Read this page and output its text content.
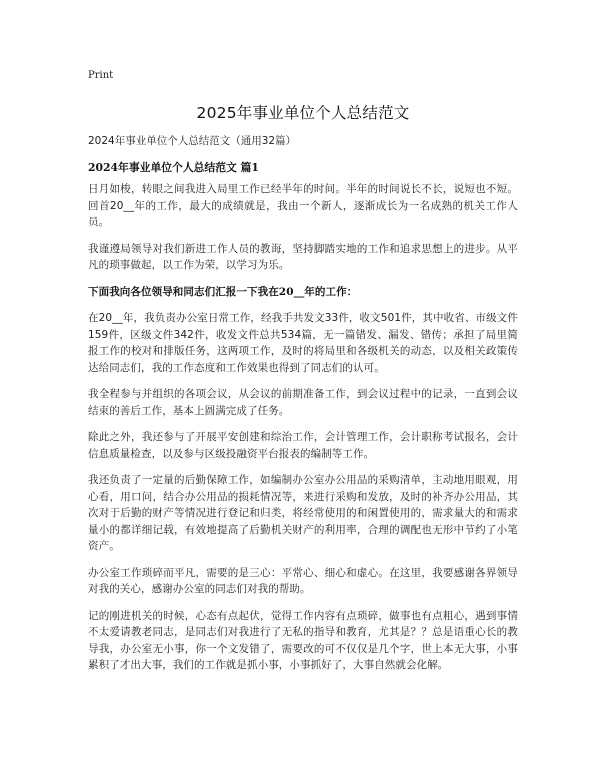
Print
2025年事业单位个人总结范文
2024年事业单位个人总结范文（通用32篇）
2024年事业单位个人总结范文 篇1

日月如梭，转眼之间我进入局里工作已经半年的时间。半年的时间说长不长，说短也不短。回首20__年的工作，最大的成绩就是，我由一个新人，逐渐成长为一名成熟的机关工作人员。

我谨遵局领导对我们新进工作人员的教诲，坚持脚踏实地的工作和追求思想上的进步。从平凡的琐事做起，以工作为荣，以学习为乐。

下面我向各位领导和同志们汇报一下我在20__年的工作：

在20__年，我负责办公室日常工作，经我手共发文33件，收文501件，其中收省、市级文件159件，区级文件342件，收发文件总共534篇，无一篇错发、漏发、错传；承担了局里简报工作的校对和排版任务，这两项工作，及时的将局里和各级机关的动态，以及相关政策传达给同志们，我的工作态度和工作效果也得到了同志们的认可。

我全程参与并组织的各项会议，从会议的前期准备工作，到会议过程中的记录，一直到会议结束的善后工作，基本上圆满完成了任务。

除此之外，我还参与了开展平安创建和综治工作，会计管理工作，会计职称考试报名，会计信息质量检查，以及参与区级投融资平台报表的编制等工作。

我还负责了一定量的后勤保障工作，如编制办公室办公用品的采购清单，主动地用眼观，用心看，用口问，结合办公用品的损耗情况等，来进行采购和发放，及时的补齐办公用品，其次对于后勤的财产等情况进行登记和归类，将经常使用的和闲置使用的，需求量大的和需求量小的都详细记载，有效地提高了后勤机关财产的利用率，合理的调配也无形中节约了小笔资产。

办公室工作琐碎而平凡，需要的是三心：平常心、细心和虚心。在这里，我要感谢各界领导对我的关心，感谢办公室的同志们对我的帮助。

记的刚进机关的时候，心态有点起伏，觉得工作内容有点琐碎，做事也有点粗心，遇到事情不太爱请教老同志，是同志们对我进行了无私的指导和教育，尤其是？？总是语重心长的教导我，办公室无小事，你一个文发错了，需要改的可不仅仅是几个字，世上本无大事，小事累积了才出大事，我们的工作就是抓小事，小事抓好了，大事自然就会化解。
